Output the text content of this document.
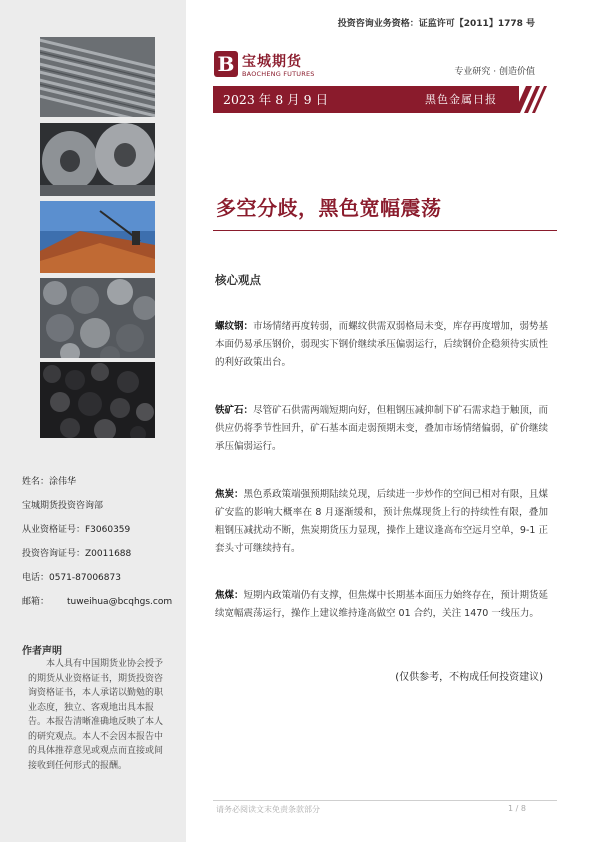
姓名：涂伟华
宝城期货投资咨询部
从业资格证号：F3060359
投资咨询证号：Z0011688
电话：0571-87006873
邮箱： tuweihua@bcqhgs.com
作者声明
本人具有中国期货业协会授予的期货从业资格证书，期货投资咨询资格证书，本人承诺以勤勉的职业态度，独立、客观地出具本报告。本报告清晰准确地反映了本人的研究观点。本人不会因本报告中的具体推荐意见或观点而直接或间接收到任何形式的报酬。
投资咨询业务资格：证监许可【2011】1778 号
B 宝城期货
BAOCHENG FUTURES	专业研究 · 创造价值
2023 年 8 月 9 日	黑色金属日报
多空分歧，黑色宽幅震荡
核心观点
螺纹钢：市场情绪再度转弱，而螺纹供需双弱格局未变，库存再度增加，弱势基本面仍易承压钢价，弱现实下钢价继续承压偏弱运行，后续钢价企稳须待实质性的利好政策出台。
铁矿石：尽管矿石供需两端短期向好，但粗钢压减抑制下矿石需求趋于触顶，而供应仍将季节性回升，矿石基本面走弱预期未变，叠加市场情绪偏弱，矿价继续承压偏弱运行。
焦炭：黑色系政策端强预期陆续兑现，后续进一步炒作的空间已相对有限，且煤矿安监的影响大概率在 8 月逐渐缓和，预计焦煤现货上行的持续性有限，叠加粗钢压减扰动不断，焦炭期货压力显现，操作上建议逢高布空远月空单，9-1 正套头寸可继续持有。
焦煤：短期内政策端仍有支撑，但焦煤中长期基本面压力始终存在，预计期货延续宽幅震荡运行，操作上建议维持逢高做空 01 合约，关注 1470 一线压力。
(仅供参考，不构成任何投资建议)
请务必阅读文末免责条款部分	1 / 8
